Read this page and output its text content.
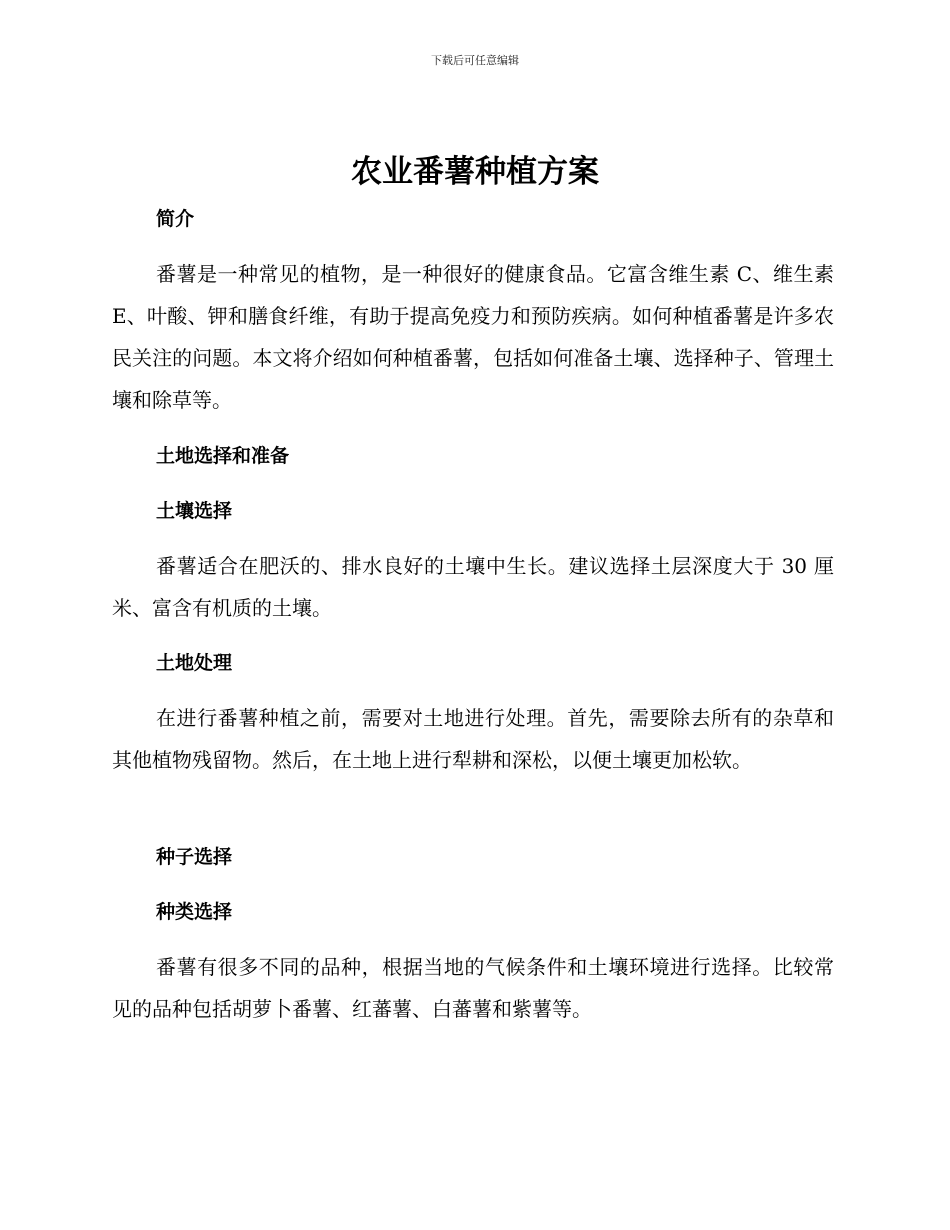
下载后可任意编辑
农业番薯种植方案
简介

番薯是一种常见的植物，是一种很好的健康食品。它富含维生素 C、维生素 E、叶酸、钾和膳食纤维，有助于提高免疫力和预防疾病。如何种植番薯是许多农民关注的问题。本文将介绍如何种植番薯，包括如何准备土壤、选择种子、管理土壤和除草等。

土地选择和准备
土壤选择

番薯适合在肥沃的、排水良好的土壤中生长。建议选择土层深度大于 30 厘米、富含有机质的土壤。

土地处理

在进行番薯种植之前，需要对土地进行处理。首先，需要除去所有的杂草和其他植物残留物。然后，在土地上进行犁耕和深松，以便土壤更加松软。

种子选择
种类选择

番薯有很多不同的品种，根据当地的气候条件和土壤环境进行选择。比较常见的品种包括胡萝卜番薯、红蕃薯、白蕃薯和紫薯等。
